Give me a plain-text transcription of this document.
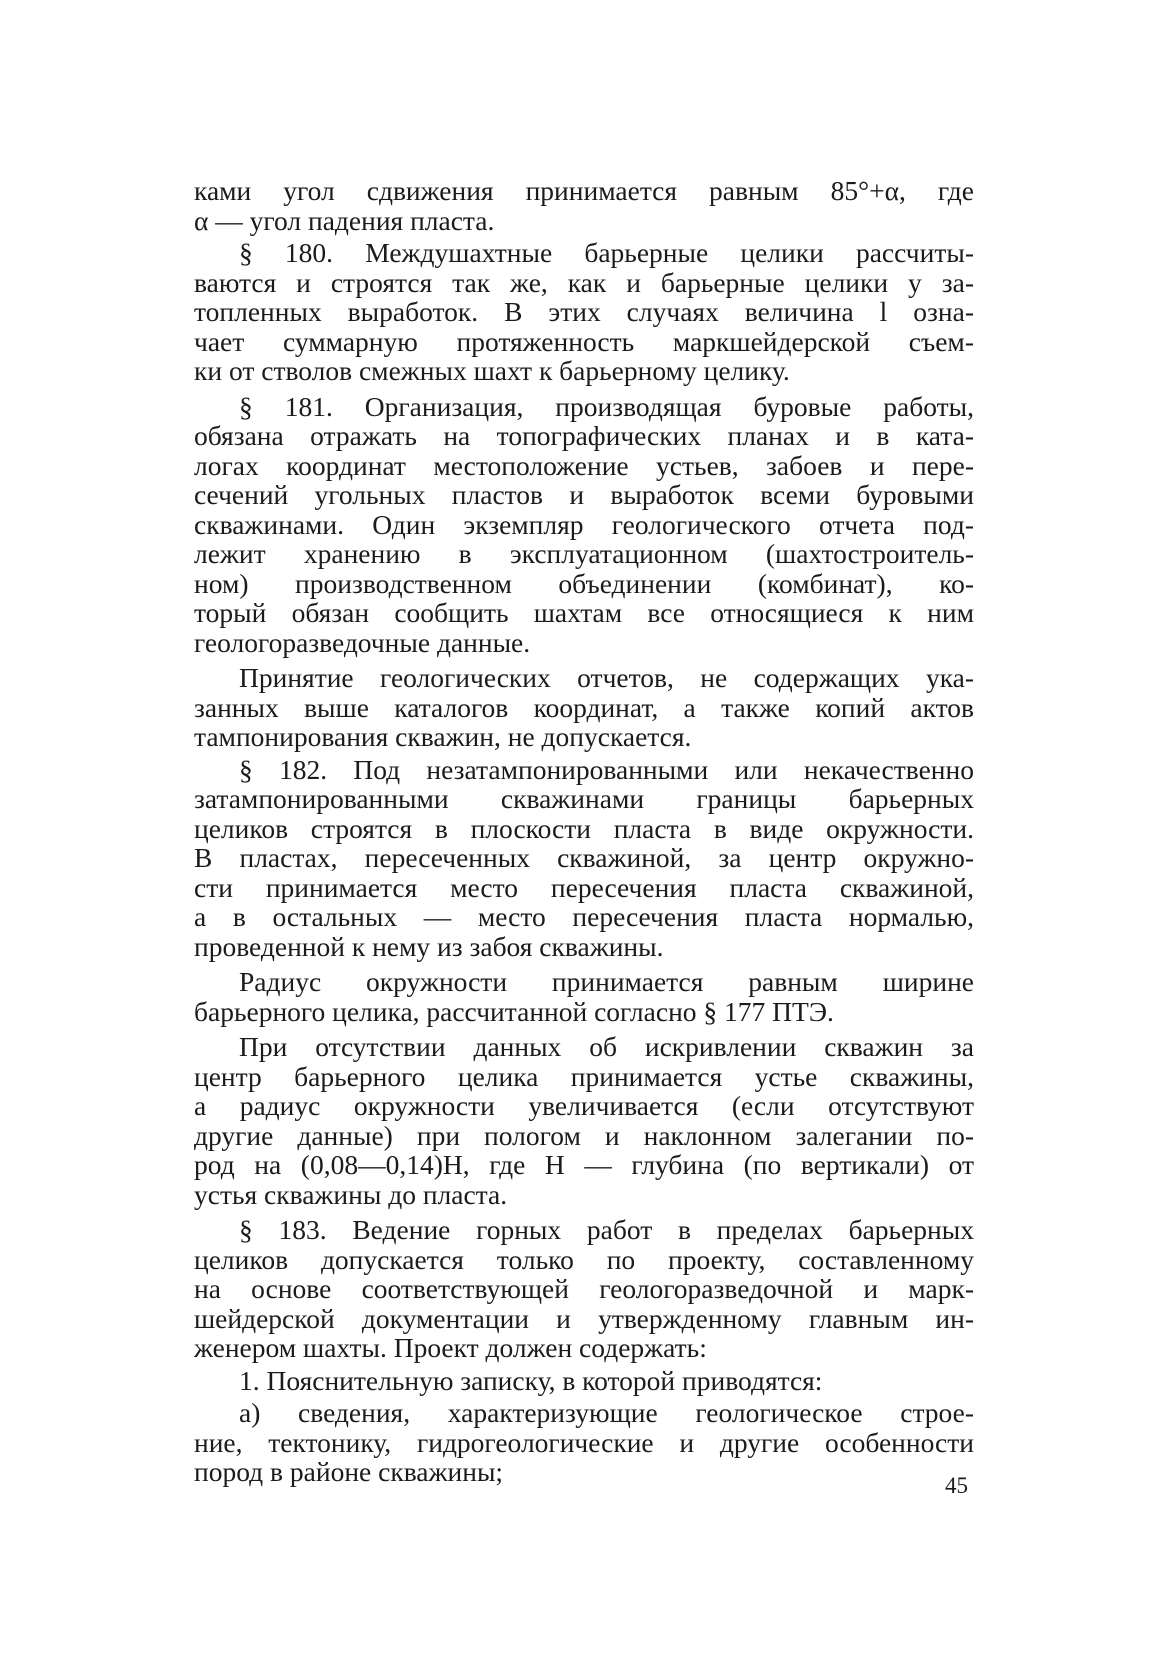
ками угол сдвижения принимается равным 85°+α, где
α — угол падения пласта.

§ 180. Междушахтные барьерные целики рассчиты-
ваются и строятся так же, как и барьерные целики у за-
топленных выработок. В этих случаях величина l озна-
чает суммарную протяженность маркшейдерской съем-
ки от стволов смежных шахт к барьерному целику.

§ 181. Организация, производящая буровые работы,
обязана отражать на топографических планах и в ката-
логах координат местоположение устьев, забоев и пере-
сечений угольных пластов и выработок всеми буровыми
скважинами. Один экземпляр геологического отчета под-
лежит хранению в эксплуатационном (шахтостроитель-
ном) производственном объединении (комбинат), ко-
торый обязан сообщить шахтам все относящиеся к ним
геологоразведочные данные.

Принятие геологических отчетов, не содержащих ука-
занных выше каталогов координат, а также копий актов
тампонирования скважин, не допускается.

§ 182. Под незатампонированными или некачественно
затампонированными скважинами границы барьерных
целиков строятся в плоскости пласта в виде окружности.
В пластах, пересеченных скважиной, за центр окружно-
сти принимается место пересечения пласта скважиной,
а в остальных — место пересечения пласта нормалью,
проведенной к нему из забоя скважины.

Радиус окружности принимается равным ширине
барьерного целика, рассчитанной согласно § 177 ПТЭ.

При отсутствии данных об искривлении скважин за
центр барьерного целика принимается устье скважины,
а радиус окружности увеличивается (если отсутствуют
другие данные) при пологом и наклонном залегании по-
род на (0,08—0,14)H, где H — глубина (по вертикали) от
устья скважины до пласта.

§ 183. Ведение горных работ в пределах барьерных
целиков допускается только по проекту, составленному
на основе соответствующей геологоразведочной и марк-
шейдерской документации и утвержденному главным ин-
женером шахты. Проект должен содержать:

1. Пояснительную записку, в которой приводятся:

а) сведения, характеризующие геологическое строе-
ние, тектонику, гидрогеологические и другие особенности
пород в районе скважины;	45
